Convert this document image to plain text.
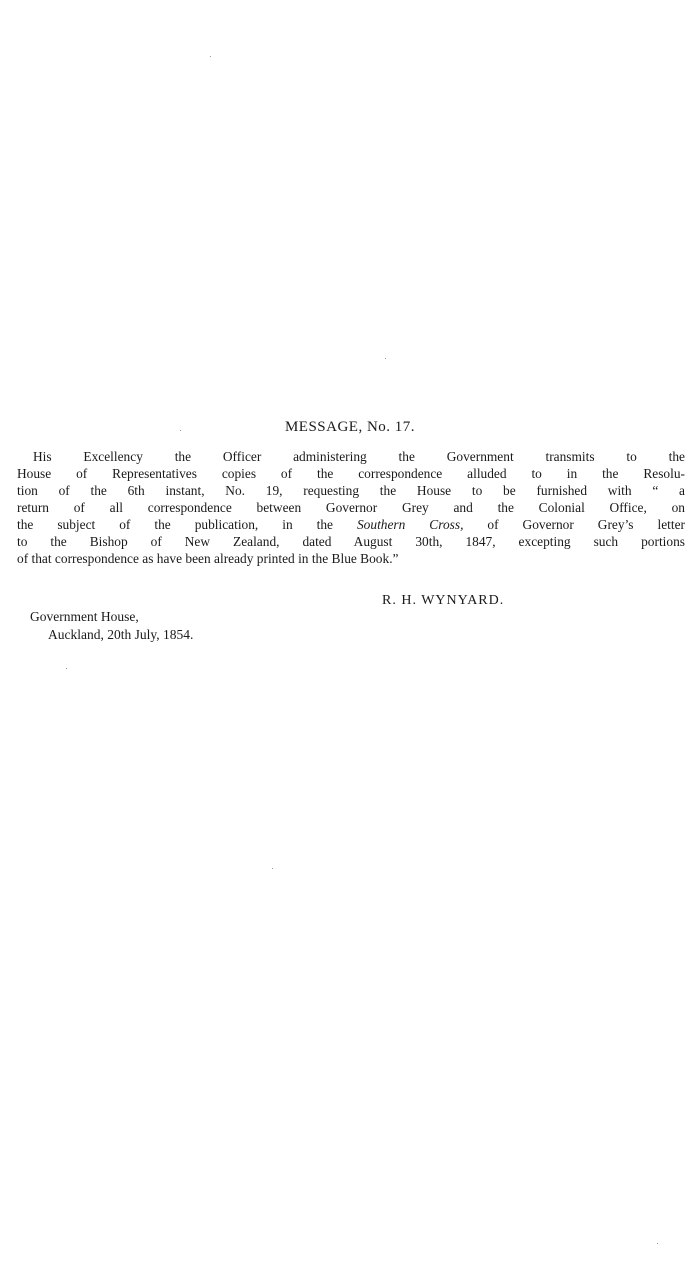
MESSAGE, No. 17.
His Excellency the Officer administering the Government transmits to the
House of Representatives copies of the correspondence alluded to in the Resolu-
tion of the 6th instant, No. 19, requesting the House to be furnished with “ a
return of all correspondence between Governor Grey and the Colonial Office, on
the subject of the publication, in the Southern Cross, of Governor Grey’s letter
to the Bishop of New Zealand, dated August 30th, 1847, excepting such portions
of that correspondence as have been already printed in the Blue Book.”
R. H. WYNYARD.
Government House,
Auckland, 20th July, 1854.
